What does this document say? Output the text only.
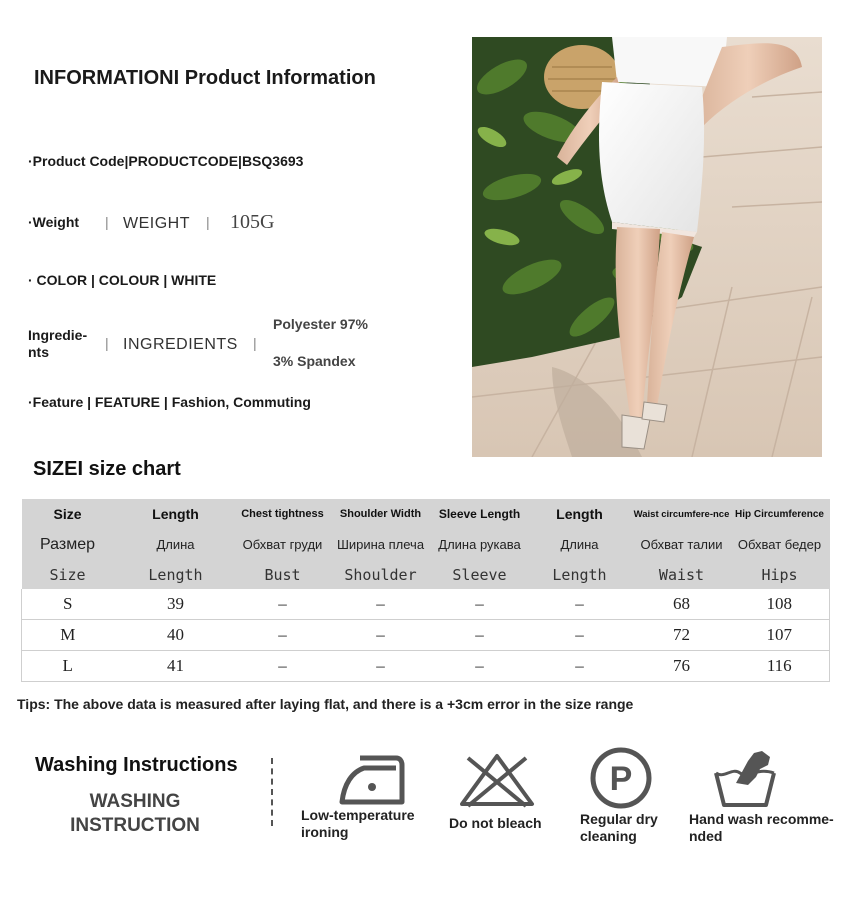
INFORMATIONI Product Information
·Product Code|PRODUCTCODE|BSQ3693
·Weight | WEIGHT | 105G
· COLOR | COLOUR | WHITE
Ingredie-
nts
| INGREDIENTS |
Polyester 97%
3% Spandex
·Feature | FEATURE | Fashion, Commuting
SIZEI size chart
Size	Length	Chest tightness	Shoulder Width	Sleeve Length	Length	Waist circumfere-nce	Hip Circumference
Размер	Длина	Обхват груди	Ширина плеча	Длина рукава	Длина	Обхват талии	Обхват бедер
Size	Length	Bust	Shoulder	Sleeve	Length	Waist	Hips
S	39	–	–	–	–	68	108
M	40	–	–	–	–	72	107
L	41	–	–	–	–	76	116
Tips: The above data is measured after laying flat, and there is a +3cm error in the size range
Washing Instructions
WASHING
INSTRUCTION	Low-temperature
ironing
Do not bleach
P
Regular dry
cleaning
Hand wash recomme-
nded
